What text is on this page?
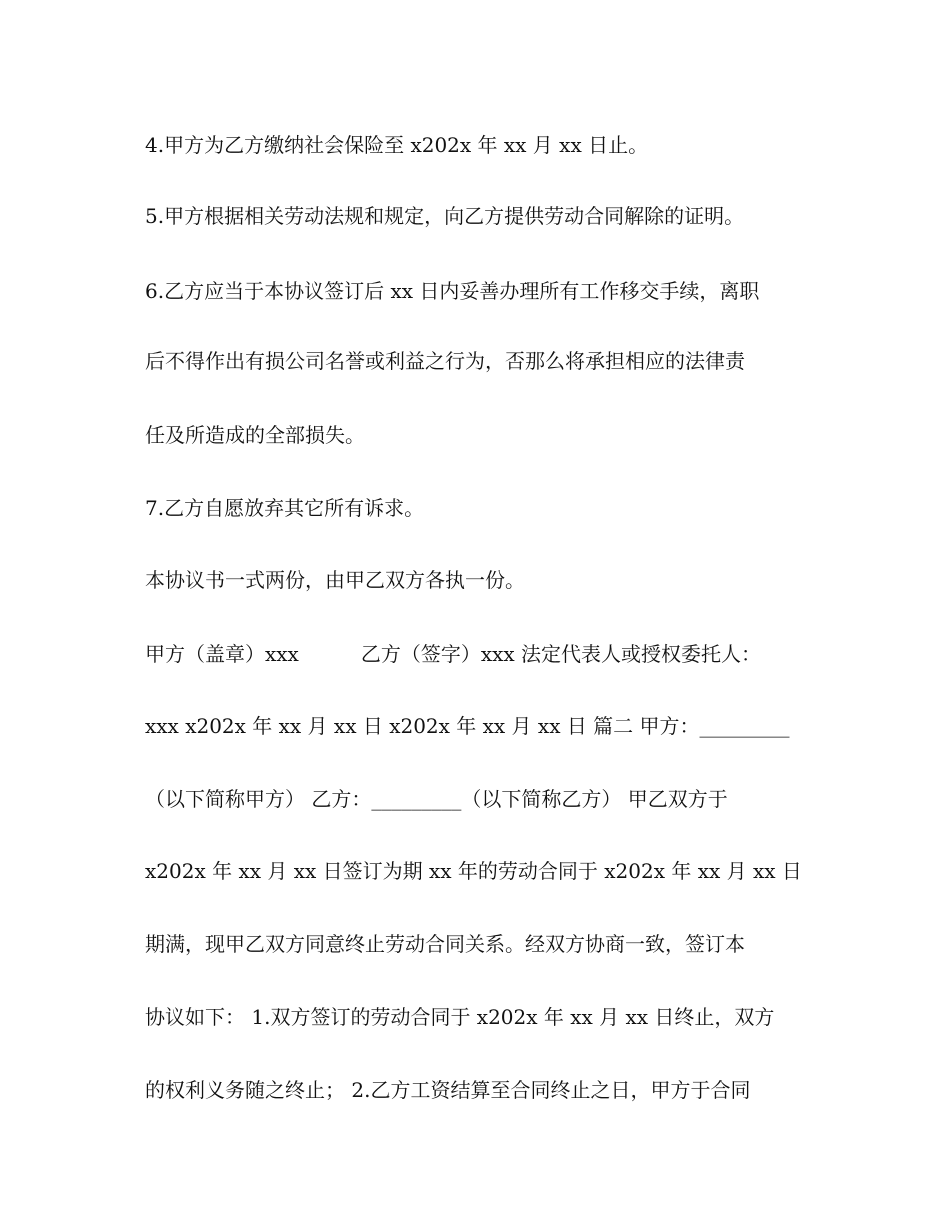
4.甲方为乙方缴纳社会保险至 x202x 年 xx 月 xx 日止。
5.甲方根据相关劳动法规和规定，向乙方提供劳动合同解除的证明。
6.乙方应当于本协议签订后 xx 日内妥善办理所有工作移交手续，离职
后不得作出有损公司名誉或利益之行为，否那么将承担相应的法律责
任及所造成的全部损失。
7.乙方自愿放弃其它所有诉求。
本协议书一式两份，由甲乙双方各执一份。
甲方（盖章）xxx	乙方（签字）xxx 法定代表人或授权委托人：
xxx x202x 年 xx 月 xx 日 x202x 年 xx 月 xx 日 篇二 甲方：_________
（以下简称甲方） 乙方：_________（以下简称乙方） 甲乙双方于
x202x 年 xx 月 xx 日签订为期 xx 年的劳动合同于 x202x 年 xx 月 xx 日
期满，现甲乙双方同意终止劳动合同关系。经双方协商一致，签订本
协议如下： 1.双方签订的劳动合同于 x202x 年 xx 月 xx 日终止，双方
的权利义务随之终止； 2.乙方工资结算至合同终止之日，甲方于合同
